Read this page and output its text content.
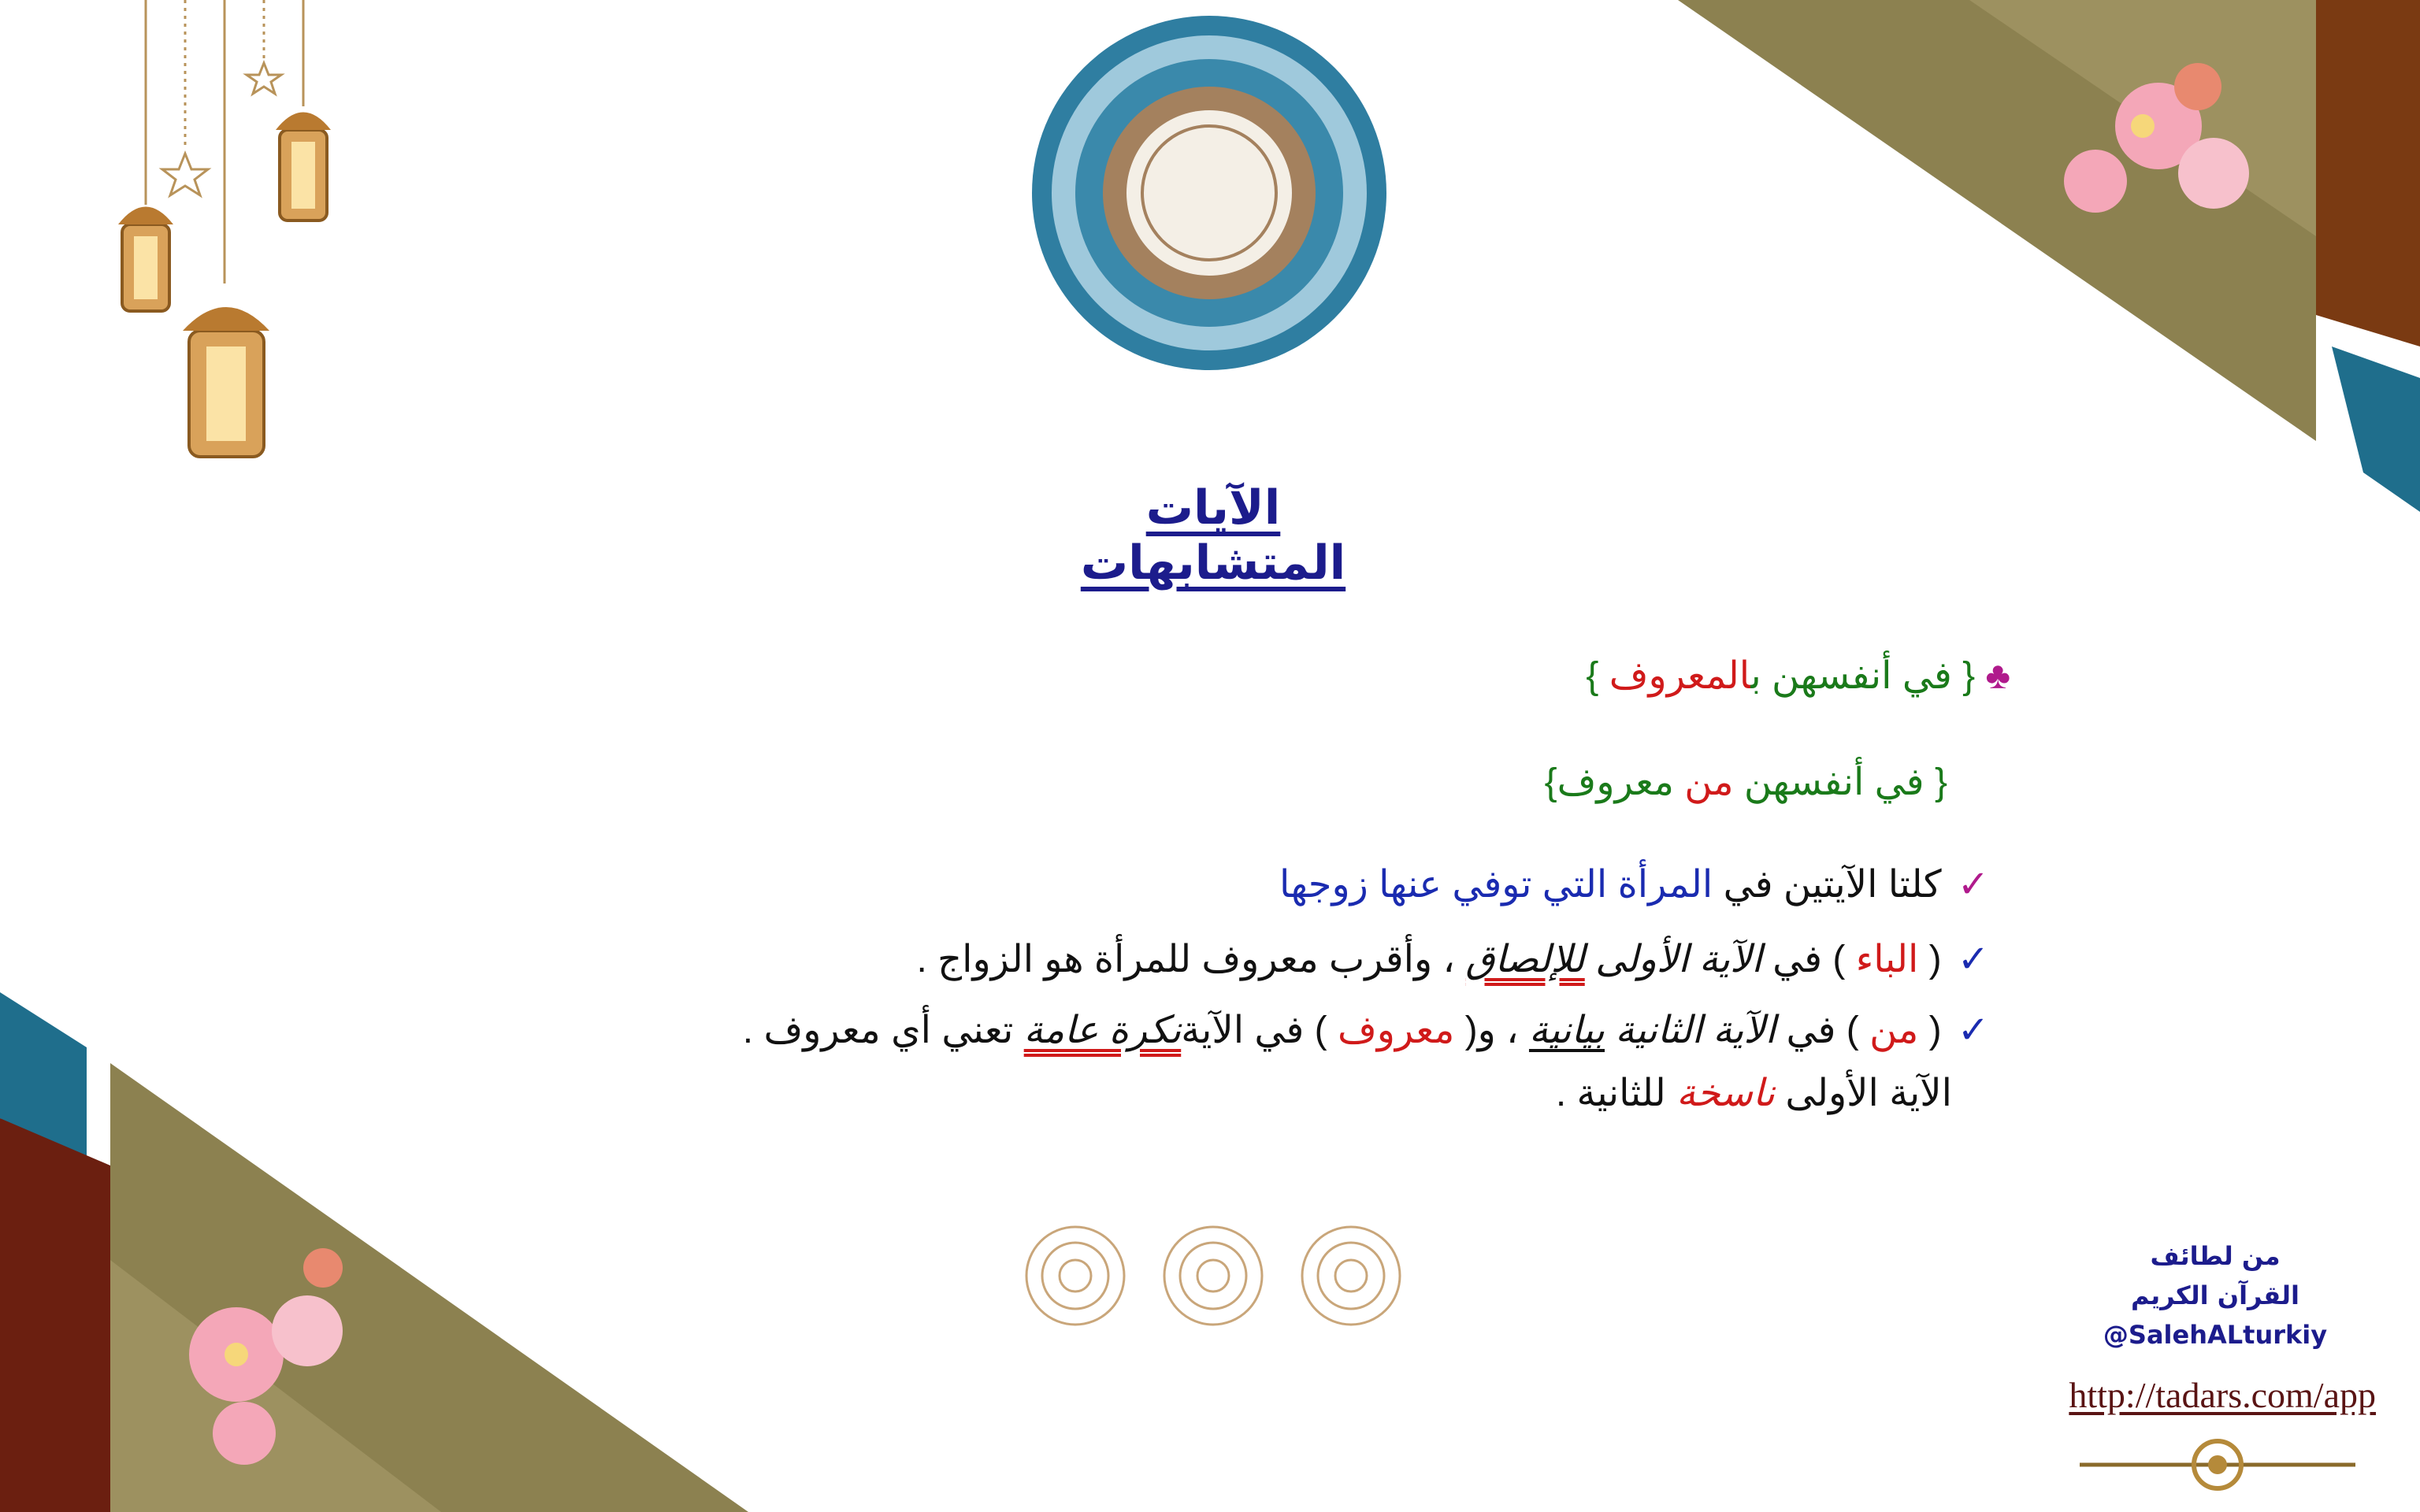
الآيات المتشابهات
♣ { في أنفسهن بالمعروف }
{ في أنفسهن من معروف}
✓ كلتا الآيتين في المرأة التي توفي عنها زوجها
✓ ( الباء ) في الآية الأولى للإلصاق ، وأقرب معروف للمرأة هو الزواج .
✓ ( من ) في الآية الثانية بيانية ، و( معروف ) في الآيةنكرة عامة تعني أي معروف .
الآية الأولى ناسخة للثانية .
من لطائف
القرآن الكريم
@SalehALturkiy
http://tadars.com/app
